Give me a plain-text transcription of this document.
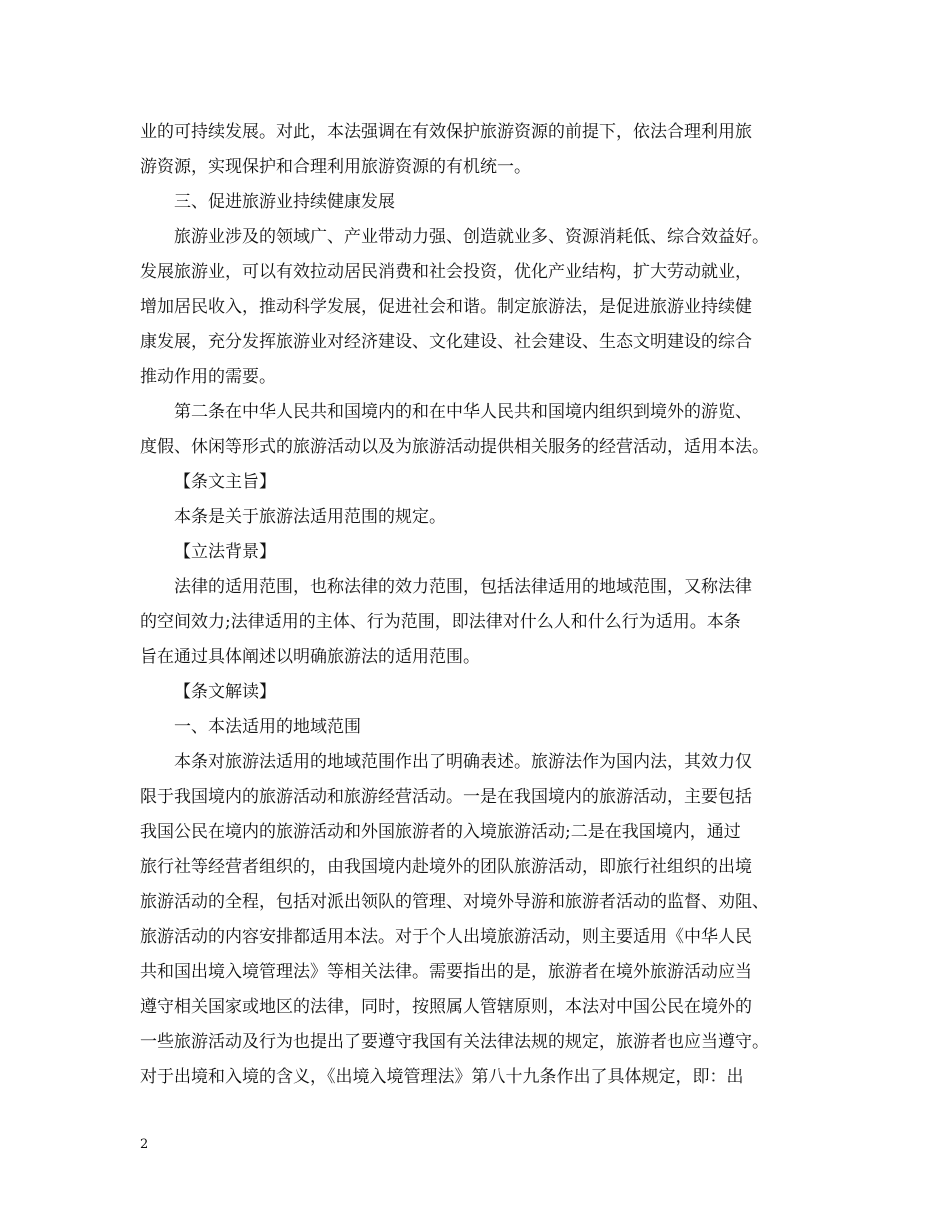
业的可持续发展。对此，本法强调在有效保护旅游资源的前提下，依法合理利用旅
游资源，实现保护和合理利用旅游资源的有机统一。
三、促进旅游业持续健康发展
旅游业涉及的领域广、产业带动力强、创造就业多、资源消耗低、综合效益好。
发展旅游业，可以有效拉动居民消费和社会投资，优化产业结构，扩大劳动就业，
增加居民收入，推动科学发展，促进社会和谐。制定旅游法，是促进旅游业持续健
康发展，充分发挥旅游业对经济建设、文化建设、社会建设、生态文明建设的综合
推动作用的需要。
第二条在中华人民共和国境内的和在中华人民共和国境内组织到境外的游览、
度假、休闲等形式的旅游活动以及为旅游活动提供相关服务的经营活动，适用本法。
【条文主旨】
本条是关于旅游法适用范围的规定。
【立法背景】
法律的适用范围，也称法律的效力范围，包括法律适用的地域范围，又称法律
的空间效力;法律适用的主体、行为范围，即法律对什么人和什么行为适用。本条
旨在通过具体阐述以明确旅游法的适用范围。
【条文解读】
一、本法适用的地域范围
本条对旅游法适用的地域范围作出了明确表述。旅游法作为国内法，其效力仅
限于我国境内的旅游活动和旅游经营活动。一是在我国境内的旅游活动，主要包括
我国公民在境内的旅游活动和外国旅游者的入境旅游活动;二是在我国境内，通过
旅行社等经营者组织的，由我国境内赴境外的团队旅游活动，即旅行社组织的出境
旅游活动的全程，包括对派出领队的管理、对境外导游和旅游者活动的监督、劝阻、
旅游活动的内容安排都适用本法。对于个人出境旅游活动，则主要适用《中华人民
共和国出境入境管理法》等相关法律。需要指出的是，旅游者在境外旅游活动应当
遵守相关国家或地区的法律，同时，按照属人管辖原则，本法对中国公民在境外的
一些旅游活动及行为也提出了要遵守我国有关法律法规的规定，旅游者也应当遵守。
对于出境和入境的含义，《出境入境管理法》第八十九条作出了具体规定，即：出
2
